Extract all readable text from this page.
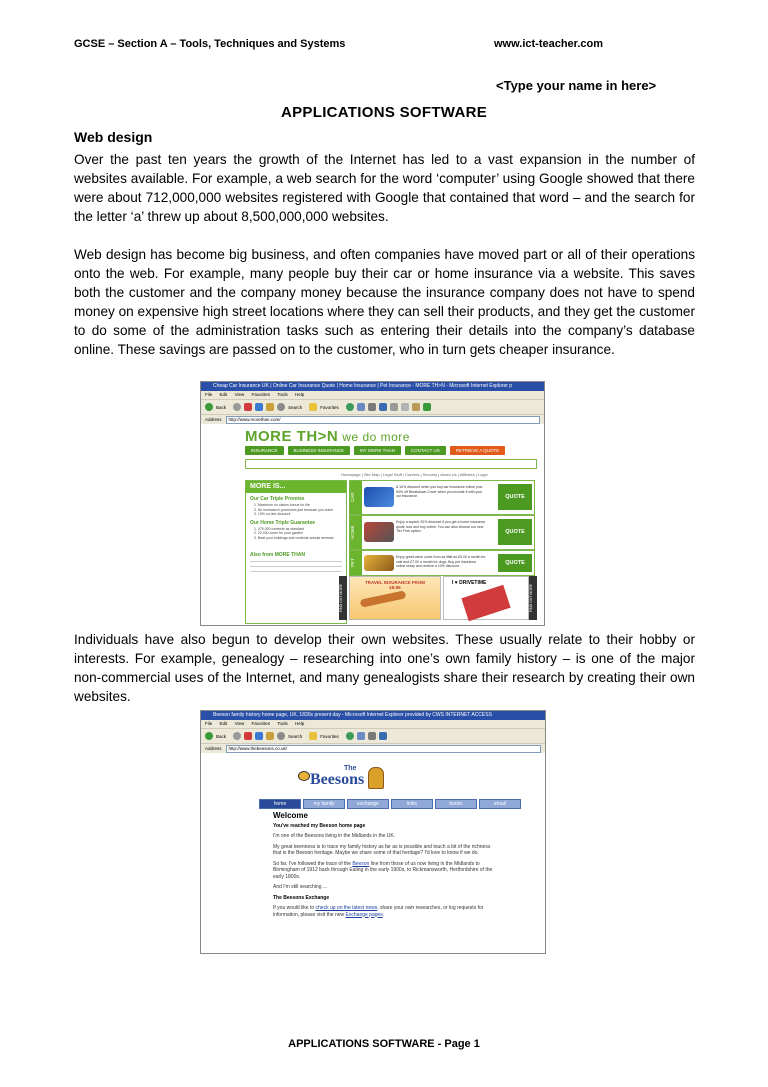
GCSE – Section A – Tools, Techniques and Systems	www.ict-teacher.com
<Type your name in here>
APPLICATIONS SOFTWARE
Web design
Over the past ten years the growth of the Internet has led to a vast expansion in the number of websites available. For example, a web search for the word ‘computer’ using Google showed that there were about 712,000,000 websites registered with Google that contained that word – and the search for the letter ‘a’ threw up about 8,500,000,000 websites.
Web design has become big business, and often companies have moved part or all of their operations onto the web. For example, many people buy their car or home insurance via a website. This saves both the customer and the company money because the insurance company does not have to spend money on expensive high street locations where they can sell their products, and they get the customer to do some of the administration tasks such as entering their details into the company’s database online. These savings are passed on to the customer, who in turn gets cheaper insurance.
Cheap Car Insurance UK | Online Car Insurance Quote | Home Insurance | Pet Insurance - MORE TH>N - Microsoft Internet Explorer p
File Edit View Favorites Tools Help
Back	Search	Favorites
Address	http://www.morethan.com/
MORE TH>N we do more
INSURANCE	BUSINESS INSURANCE	MY MORE THAN	CONTACT US	RETRIEVE A QUOTE
Homepage | Site Map | Legal Stuff | Careers | Security | About Us | Affiliates | Login
MORE IS...
Our Car Triple Promise
1. Maximum no claims bonus for life
2. No increase in premiums just because you claim
3. 10% on-line discount
Our Home Triple Guarantee
1. 475,000 contents as standard
2. 22,000 cover for your garden
3. Beat your buildings and contents annual renewal
Also from MORE THAN
CAR
A 10% discount when you buy car insurance online plus 50% off Breakdown Cover when you include it with your car insurance.	QUOTE
HOME
Enjoy a superb 20% discount if you get a home insurance quote now and buy online. You can also choose our new Tier Free option.	QUOTE
PET
Enjoy great value cover from as little as £5.00 a month for cats and £7.00 a month for dogs. Buy pet insurance online today and receive a 10% discount.	QUOTE
TRAVEL INSURANCE FROM £8.95
I ♥ DRIVETIME
FIND OUT MORE	FIND OUT MORE
Individuals have also begun to develop their own websites. These usually relate to their hobby or interests. For example, genealogy – researching into one’s own family history – is one of the major non-commercial uses of the Internet, and many genealogists share their research by creating their own websites.
Beeson family history home page, UK, 1830s present day - Microsoft Internet Explorer provided by CWS INTERNET ACCESS
File Edit View Favorites Tools Help
Back	Search	Favorites
Address	http://www.thebeesons.co.uk/
The
Beesons
home	my family	exchange	links	books	email
Welcome

You've reached my Beeson home page

I'm one of the Beesons living in the Midlands in the UK.

My great keenness is to trace my family history as far as is possible and touch a bit of the richness that is the Beeson heritage. Maybe we share some of that heritage? I'd love to know if we do.

So far, I've followed the trace of the Beeson line from those of us now living in the Midlands to Birmingham of 1912 back through Ealing in the early 1900s, to Rickmansworth, Hertfordshire of the early 1800s.

And I'm still searching ...

The Beesons Exchange

If you would like to check up on the latest news, share your own researches, or log requests for information, please visit the new Exchange pages.

APPLICATIONS SOFTWARE - Page 1
